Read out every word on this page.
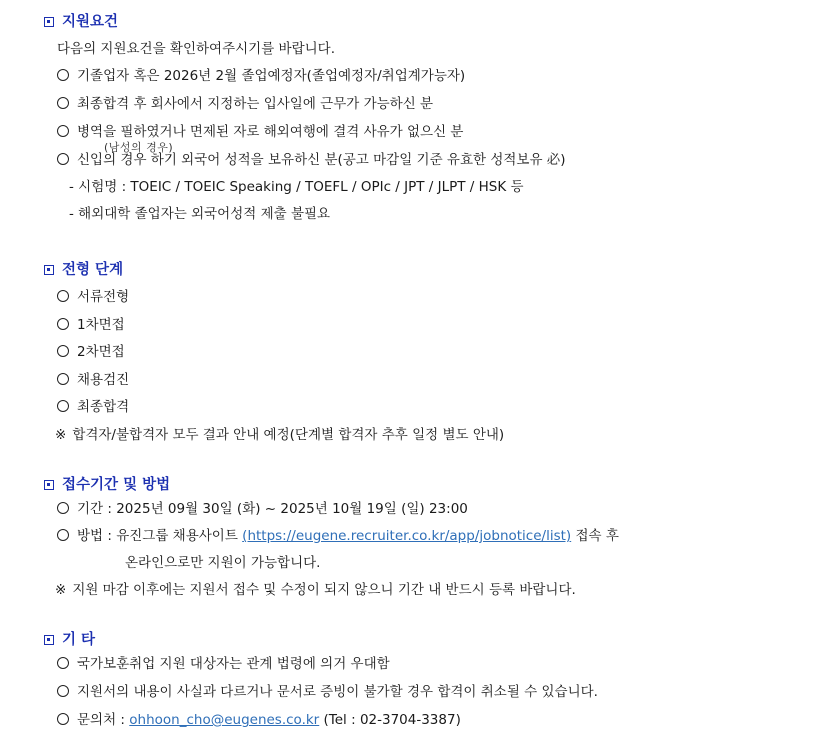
지원요건
다음의 지원요건을 확인하여주시기를 바랍니다.
기졸업자 혹은 2026년 2월 졸업예정자(졸업예정자/취업계가능자)
최종합격 후 회사에서 지정하는 입사일에 근무가 가능하신 분
병역을 필하였거나 면제된 자로 해외여행에 결격 사유가 없으신 분
(남성의 경우)
신입의 경우 하기 외국어 성적을 보유하신 분(공고 마감일 기준 유효한 성적보유 必)
- 시험명 : TOEIC / TOEIC Speaking / TOEFL / OPIc / JPT / JLPT / HSK 등
- 해외대학 졸업자는 외국어성적 제출 불필요
전형 단계
서류전형
1차면접
2차면접
채용검진
최종합격
※ 합격자/불합격자 모두 결과 안내 예정(단계별 합격자 추후 일정 별도 안내)
접수기간 및 방법
기간 : 2025년 09월 30일 (화) ~ 2025년 10월 19일 (일) 23:00
방법 : 유진그룹 채용사이트 (https://eugene.recruiter.co.kr/app/jobnotice/list) 접속 후
온라인으로만 지원이 가능합니다.
※ 지원 마감 이후에는 지원서 접수 및 수정이 되지 않으니 기간 내 반드시 등록 바랍니다.
기 타
국가보훈취업 지원 대상자는 관계 법령에 의거 우대함
지원서의 내용이 사실과 다르거나 문서로 증빙이 불가할 경우 합격이 취소될 수 있습니다.
문의처 : ohhoon_cho@eugenes.co.kr (Tel : 02-3704-3387)
